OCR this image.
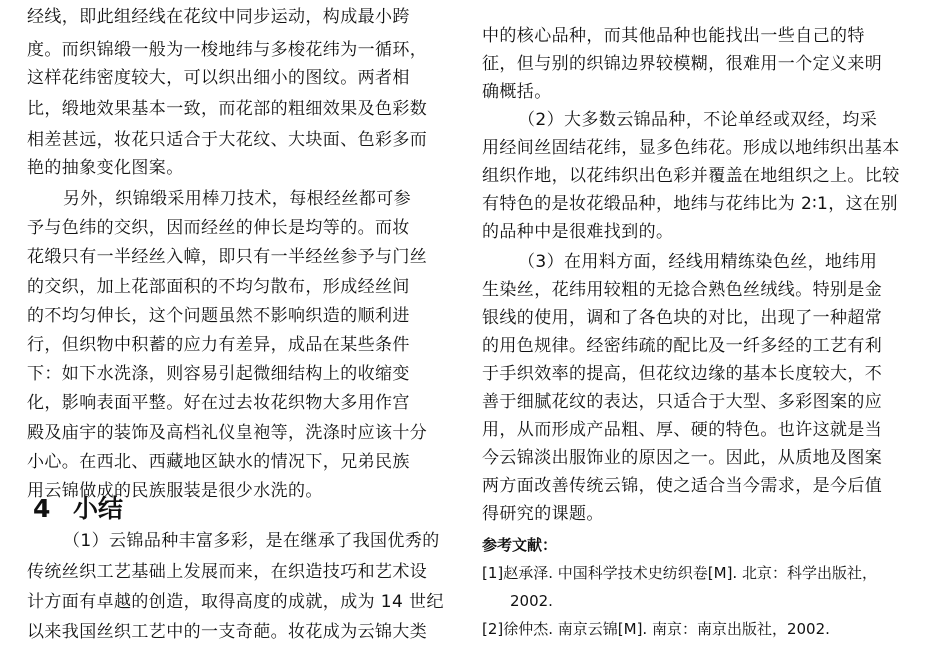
经线，即此组经线在花纹中同步运动，构成最小跨
度。而织锦缎一般为一梭地纬与多梭花纬为一循环，
这样花纬密度较大，可以织出细小的图纹。两者相
比，缎地效果基本一致，而花部的粗细效果及色彩数
相差甚远，妆花只适合于大花纹、大块面、色彩多而
艳的抽象变化图案。
另外，织锦缎采用棒刀技术，每根经丝都可参
予与色纬的交织，因而经丝的伸长是均等的。而妆
花缎只有一半经丝入幛，即只有一半经丝参予与门丝
的交织，加上花部面积的不均匀散布，形成经丝间
的不均匀伸长，这个问题虽然不影响织造的顺利进
行，但织物中积蓄的应力有差异，成品在某些条件
下：如下水洗涤，则容易引起微细结构上的收缩变
化，影响表面平整。好在过去妆花织物大多用作宫
殿及庙宇的装饰及高档礼仪皇袍等，洗涤时应该十分
小心。在西北、西藏地区缺水的情况下，兄弟民族
用云锦做成的民族服装是很少水洗的。
4 小结
（1）云锦品种丰富多彩，是在继承了我国优秀的
传统丝织工艺基础上发展而来，在织造技巧和艺术设
计方面有卓越的创造，取得高度的成就，成为 14 世纪
以来我国丝织工艺中的一支奇葩。妆花成为云锦大类
中的核心品种，而其他品种也能找出一些自己的特
征，但与别的织锦边界较模糊，很难用一个定义来明
确概括。
（2）大多数云锦品种，不论单经或双经，均采
用经间丝固结花纬，显多色纬花。形成以地纬织出基本
组织作地，以花纬织出色彩并覆盖在地组织之上。比较
有特色的是妆花缎品种，地纬与花纬比为 2∶1，这在别
的品种中是很难找到的。
（3）在用料方面，经线用精练染色丝，地纬用
生染丝，花纬用较粗的无捻合熟色丝绒线。特别是金
银线的使用，调和了各色块的对比，出现了一种超常
的用色规律。经密纬疏的配比及一纤多经的工艺有利
于手织效率的提高，但花纹边缘的基本长度较大，不
善于细腻花纹的表达，只适合于大型、多彩图案的应
用，从而形成产品粗、厚、硬的特色。也许这就是当
今云锦淡出服饰业的原因之一。因此，从质地及图案
两方面改善传统云锦，使之适合当今需求，是今后值
得研究的课题。
参考文献：
[1]赵承泽. 中国科学技术史纺织卷[M]. 北京：科学出版社，
2002.
[2]徐仲杰. 南京云锦[M]. 南京：南京出版社，2002.
